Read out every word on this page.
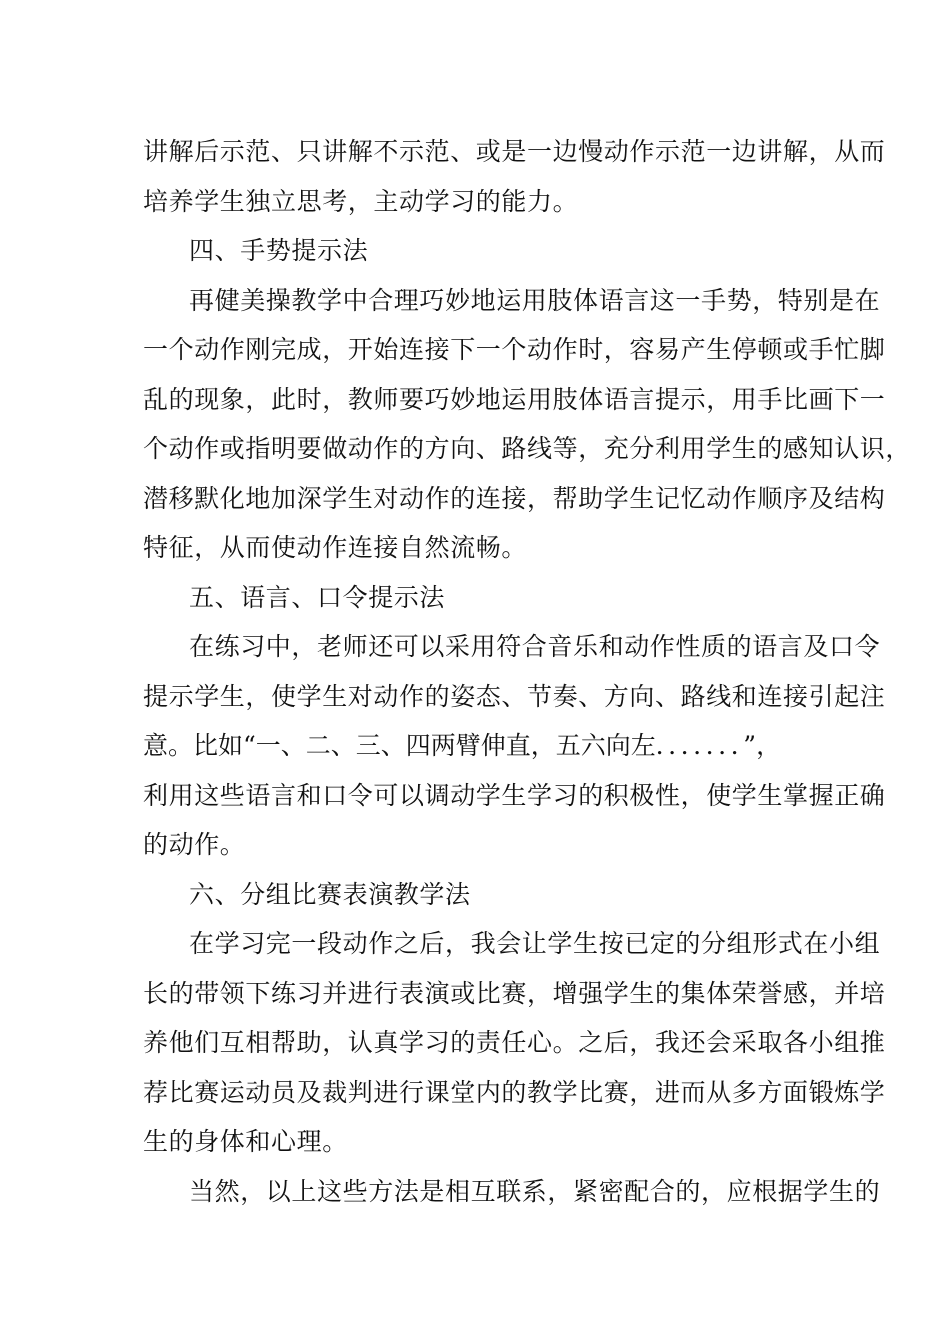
讲解后示范、只讲解不示范、或是一边慢动作示范一边讲解，从而
培养学生独立思考，主动学习的能力。
四、手势提示法
再健美操教学中合理巧妙地运用肢体语言这一手势，特别是在
一个动作刚完成，开始连接下一个动作时，容易产生停顿或手忙脚
乱的现象，此时，教师要巧妙地运用肢体语言提示，用手比画下一
个动作或指明要做动作的方向、路线等，充分利用学生的感知认识，
潜移默化地加深学生对动作的连接，帮助学生记忆动作顺序及结构
特征，从而使动作连接自然流畅。
五、语言、口令提示法
在练习中，老师还可以采用符合音乐和动作性质的语言及口令
提示学生，使学生对动作的姿态、节奏、方向、路线和连接引起注
意。比如“一、二、三、四两臂伸直，五六向左．．．．．．．”，
利用这些语言和口令可以调动学生学习的积极性，使学生掌握正确
的动作。
六、分组比赛表演教学法
在学习完一段动作之后，我会让学生按已定的分组形式在小组
长的带领下练习并进行表演或比赛，增强学生的集体荣誉感，并培
养他们互相帮助，认真学习的责任心。之后，我还会采取各小组推
荐比赛运动员及裁判进行课堂内的教学比赛，进而从多方面锻炼学
生的身体和心理。
当然，以上这些方法是相互联系，紧密配合的，应根据学生的
